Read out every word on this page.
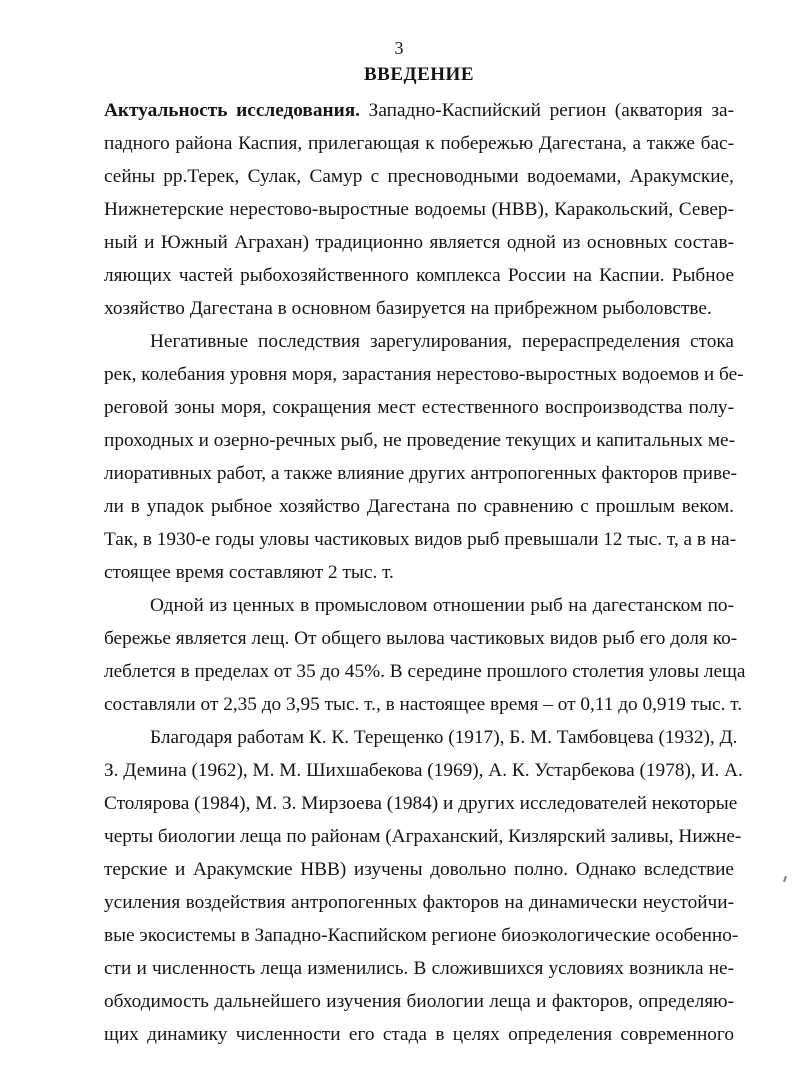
3
ВВЕДЕНИЕ
Актуальность исследования. Западно-Каспийский регион (акватория за-
падного района Каспия, прилегающая к побережью Дагестана, а также бас-
сейны рр.Терек, Сулак, Самур с пресноводными водоемами, Аракумские,
Нижнетерские нерестово-выростные водоемы (НВВ), Каракольский, Север-
ный и Южный Аграхан) традиционно является одной из основных состав-
ляющих частей рыбохозяйственного комплекса России на Каспии. Рыбное
хозяйство Дагестана в основном базируется на прибрежном рыболовстве.
Негативные последствия зарегулирования, перераспределения стока
рек, колебания уровня моря, зарастания нерестово-выростных водоемов и бе-
реговой зоны моря, сокращения мест естественного воспроизводства полу-
проходных и озерно-речных рыб, не проведение текущих и капитальных ме-
лиоративных работ, а также влияние других антропогенных факторов приве-
ли в упадок рыбное хозяйство Дагестана по сравнению с прошлым веком.
Так, в 1930-е годы уловы частиковых видов рыб превышали 12 тыс. т, а в на-
стоящее время составляют 2 тыс. т.
Одной из ценных в промысловом отношении рыб на дагестанском по-
бережье является лещ. От общего вылова частиковых видов рыб его доля ко-
леблется в пределах от 35 до 45%. В середине прошлого столетия уловы леща
составляли от 2,35 до 3,95 тыс. т., в настоящее время – от 0,11 до 0,919 тыс. т.
Благодаря работам К. К. Терещенко (1917), Б. М. Тамбовцева (1932), Д.
З. Демина (1962), М. М. Шихшабекова (1969), А. К. Устарбекова (1978), И. А.
Столярова (1984), М. З. Мирзоева (1984) и других исследователей некоторые
черты биологии леща по районам (Аграханский, Кизлярский заливы, Нижне-
терские и Аракумские НВВ) изучены довольно полно. Однако вследствие
усиления воздействия антропогенных факторов на динамически неустойчи-
вые экосистемы в Западно-Каспийском регионе биоэкологические особенно-
сти и численность леща изменились. В сложившихся условиях возникла не-
обходимость дальнейшего изучения биологии леща и факторов, определяю-
щих динамику численности его стада в целях определения современного
